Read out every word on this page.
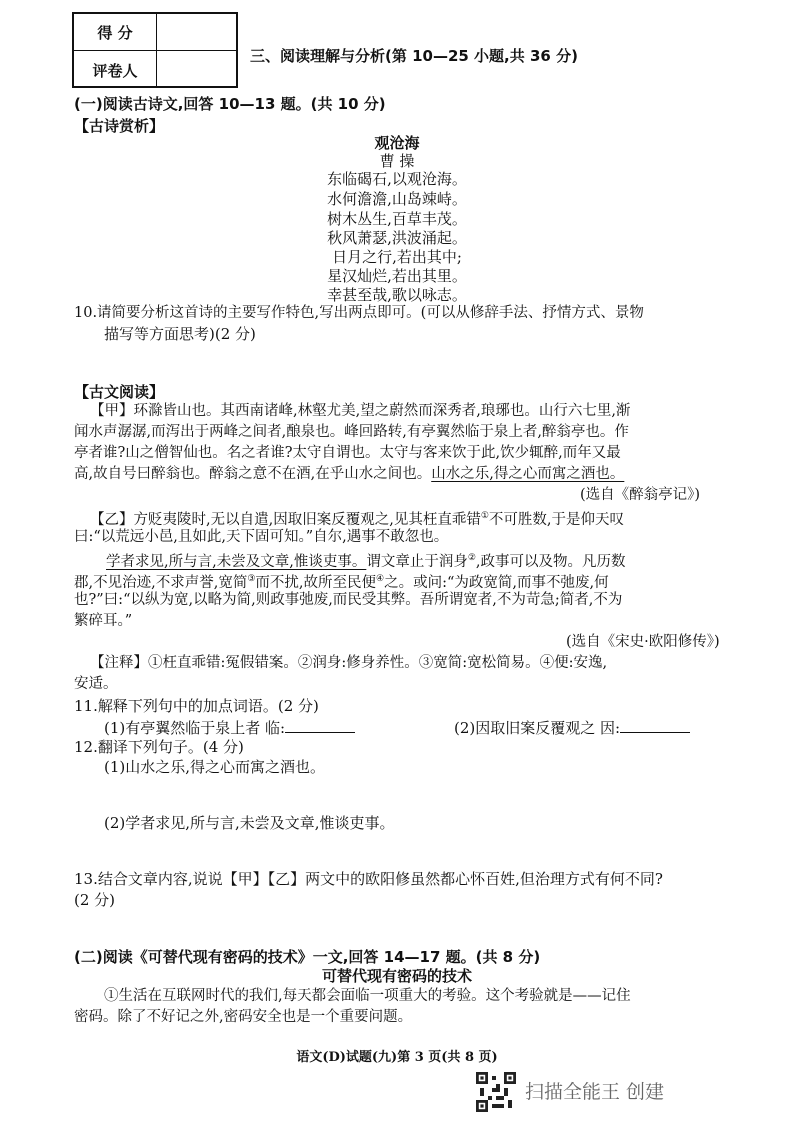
得 分
评卷人
三、阅读理解与分析(第 10—25 小题,共 36 分)
(一)阅读古诗文,回答 10—13 题。(共 10 分)
【古诗赏析】
观沧海
曹 操
东临碣石,以观沧海。
水何澹澹,山岛竦峙。
树木丛生,百草丰茂。
秋风萧瑟,洪波涌起。
日月之行,若出其中;
星汉灿烂,若出其里。
幸甚至哉,歌以咏志。
10.请简要分析这首诗的主要写作特色,写出两点即可。(可以从修辞手法、抒情方式、景物
描写等方面思考)(2 分)
【古文阅读】
【甲】环滁皆山也。其西南诸峰,林壑尤美,望之蔚然而深秀者,琅琊也。山行六七里,渐
闻水声潺潺,而泻出于两峰之间者,酿泉也。峰回路转,有亭翼然临于泉上者,醉翁亭也。作
亭者谁?山之僧智仙也。名之者谁?太守自谓也。太守与客来饮于此,饮少辄醉,而年又最
高,故自号曰醉翁也。醉翁之意不在酒,在乎山水之间也。山水之乐,得之心而寓之酒也。
(选自《醉翁亭记》)
【乙】方贬夷陵时,无以自遣,因取旧案反覆观之,见其枉直乖错①不可胜数,于是仰天叹
曰:“以荒远小邑,且如此,天下固可知。”自尔,遇事不敢忽也。
学者求见,所与言,未尝及文章,惟谈吏事。谓文章止于润身②,政事可以及物。凡历数
郡,不见治迹,不求声誉,宽简③而不扰,故所至民便④之。或问:“为政宽简,而事不弛废,何
也?”曰:“以纵为宽,以略为简,则政事弛废,而民受其弊。吾所谓宽者,不为苛急;简者,不为
繁碎耳。”
(选自《宋史·欧阳修传》)
【注释】①枉直乖错:冤假错案。②润身:修身养性。③宽简:宽松简易。④便:安逸,
安适。
11.解释下列句中的加点词语。(2 分)
(1)有亭翼然临于泉上者 临:	(2)因取旧案反覆观之 因:
12.翻译下列句子。(4 分)
(1)山水之乐,得之心而寓之酒也。
(2)学者求见,所与言,未尝及文章,惟谈吏事。
13.结合文章内容,说说【甲】【乙】两文中的欧阳修虽然都心怀百姓,但治理方式有何不同?
(2 分)
(二)阅读《可替代现有密码的技术》一文,回答 14—17 题。(共 8 分)
可替代现有密码的技术
①生活在互联网时代的我们,每天都会面临一项重大的考验。这个考验就是——记住
密码。除了不好记之外,密码安全也是一个重要问题。
语文(D)试题(九)第 3 页(共 8 页)
扫描全能王 创建
